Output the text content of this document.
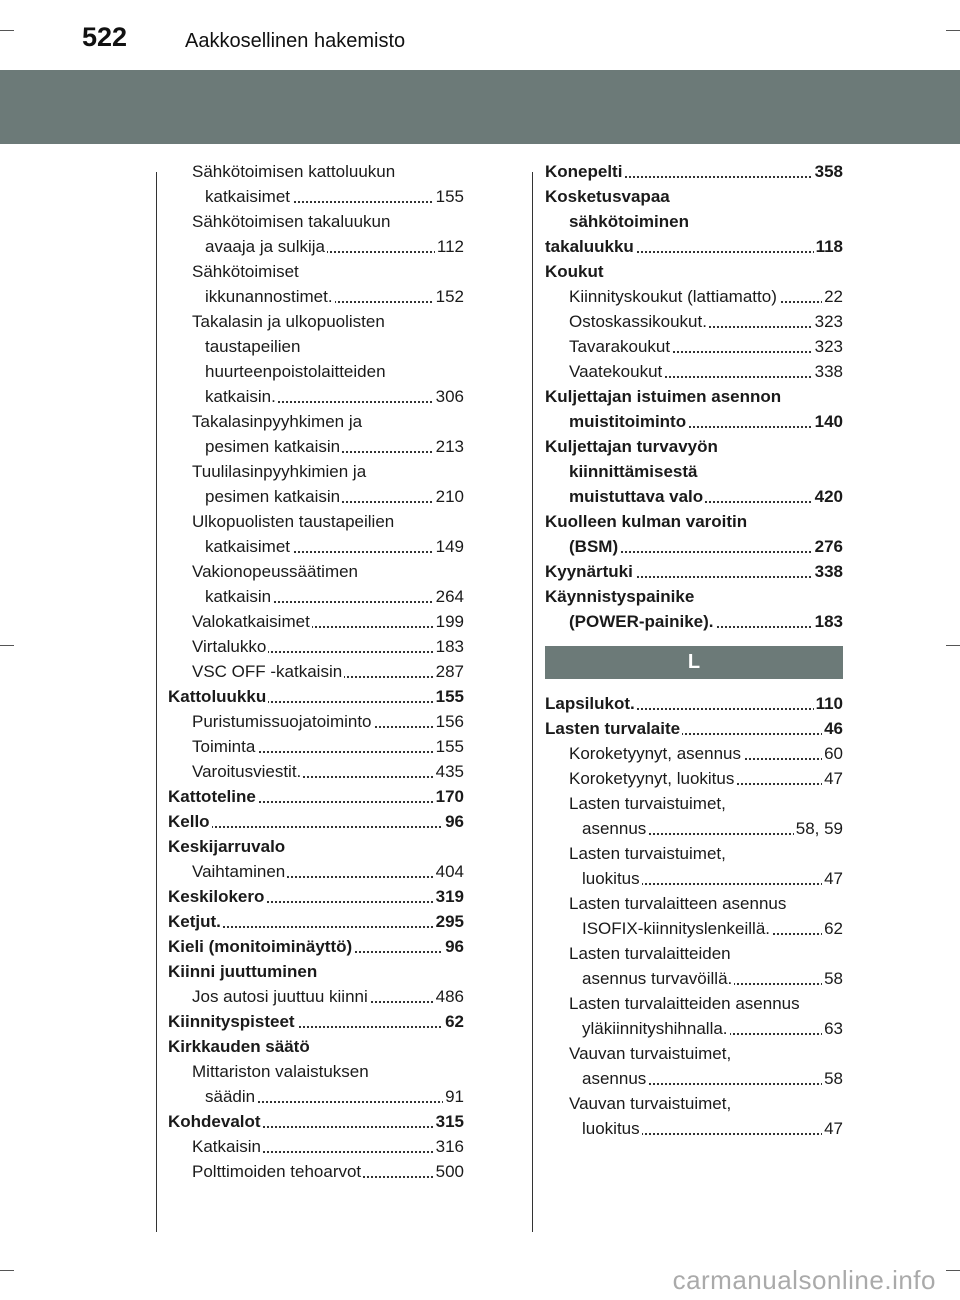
522	Aakkosellinen hakemisto
Sähkötoimisen kattoluukun
katkaisimet	155
Sähkötoimisen takaluukun
avaaja ja sulkija	112
Sähkötoimiset
ikkunannostimet.	152
Takalasin ja ulkopuolisten
taustapeilien
huurteenpoistolaitteiden
katkaisin.	306
Takalasinpyyhkimen ja
pesimen katkaisin	213
Tuulilasinpyyhkimien ja
pesimen katkaisin	210
Ulkopuolisten taustapeilien
katkaisimet	149
Vakionopeussäätimen
katkaisin	264
Valokatkaisimet	199
Virtalukko	183
VSC OFF -katkaisin	287
Kattoluukku	155
Puristumissuojatoiminto	156
Toiminta	155
Varoitusviestit.	435
Kattoteline	170
Kello	96
Keskijarruvalo
Vaihtaminen	404
Keskilokero	319
Ketjut.	295
Kieli (monitoiminäyttö)	96
Kiinni juuttuminen
Jos autosi juuttuu kiinni	486
Kiinnityspisteet	62
Kirkkauden säätö
Mittariston valaistuksen
säädin	91
Kohdevalot	315
Katkaisin	316
Polttimoiden tehoarvot	500
Konepelti	358
Kosketusvapaa
sähkötoiminen
takaluukku	118
Koukut
Kiinnityskoukut (lattiamatto)	22
Ostoskassikoukut.	323
Tavarakoukut	323
Vaatekoukut	338
Kuljettajan istuimen asennon
muistitoiminto	140
Kuljettajan turvavyön
kiinnittämisestä
muistuttava valo	420
Kuolleen kulman varoitin
(BSM)	276
Kyynärtuki	338
Käynnistyspainike
(POWER-painike).	183
L
Lapsilukot.	110
Lasten turvalaite	46
Koroketyynyt, asennus	60
Koroketyynyt, luokitus	47
Lasten turvaistuimet,
asennus	58, 59
Lasten turvaistuimet,
luokitus	47
Lasten turvalaitteen asennus
ISOFIX-kiinnityslenkeillä.	62
Lasten turvalaitteiden
asennus turvavöillä.	58
Lasten turvalaitteiden asennus
yläkiinnityshihnalla.	63
Vauvan turvaistuimet,
asennus	58
Vauvan turvaistuimet,
luokitus	47
carmanualsonline.info
